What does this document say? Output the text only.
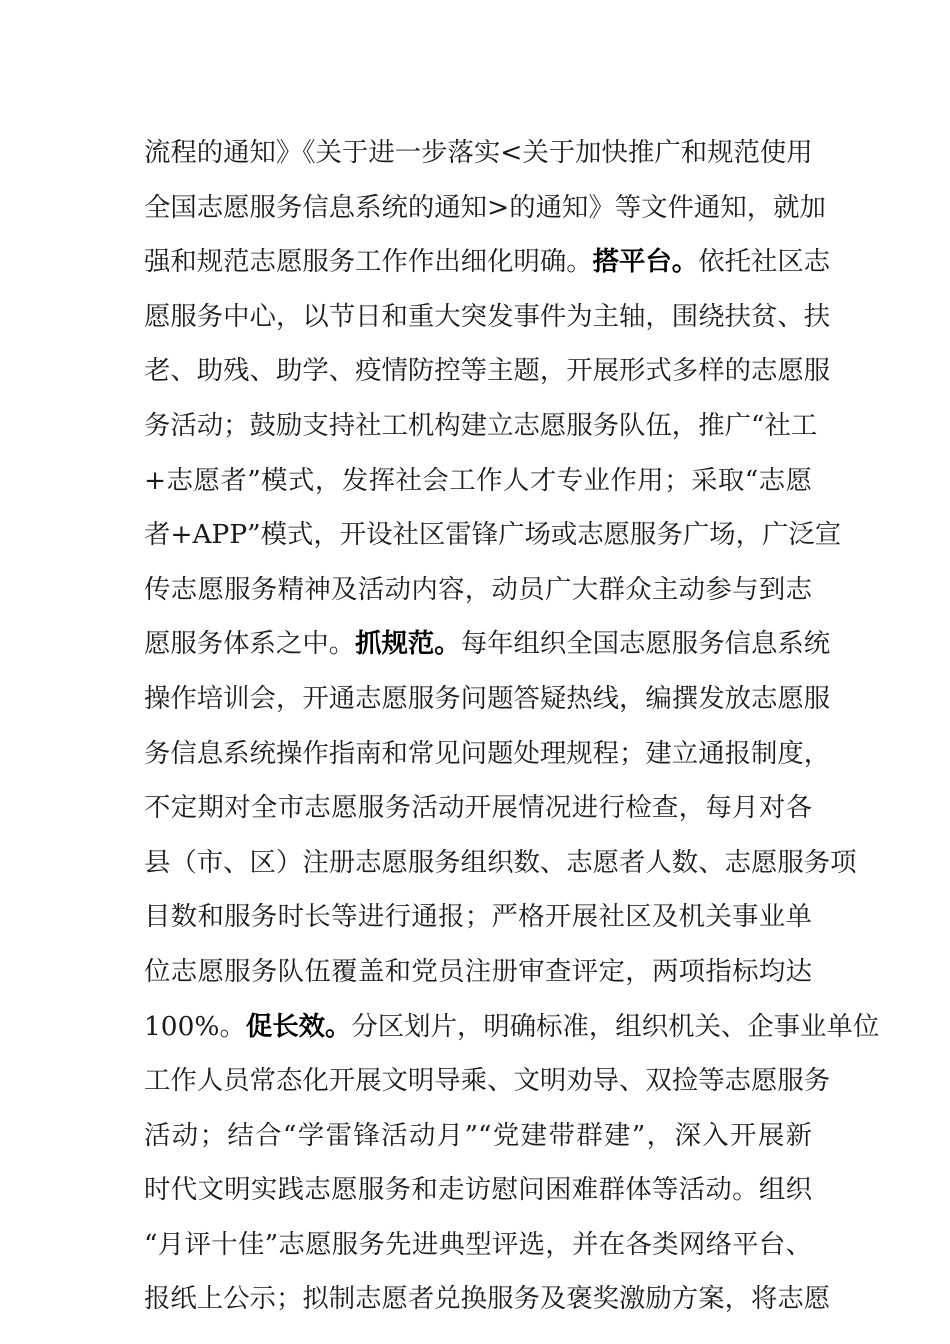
流程的通知》《关于进一步落实<关于加快推广和规范使用
全国志愿服务信息系统的通知>的通知》等文件通知，就加
强和规范志愿服务工作作出细化明确。搭平台。依托社区志
愿服务中心，以节日和重大突发事件为主轴，围绕扶贫、扶
老、助残、助学、疫情防控等主题，开展形式多样的志愿服
务活动；鼓励支持社工机构建立志愿服务队伍，推广“社工
+志愿者”模式，发挥社会工作人才专业作用；采取“志愿
者+APP”模式，开设社区雷锋广场或志愿服务广场，广泛宣
传志愿服务精神及活动内容，动员广大群众主动参与到志
愿服务体系之中。抓规范。每年组织全国志愿服务信息系统
操作培训会，开通志愿服务问题答疑热线，编撰发放志愿服
务信息系统操作指南和常见问题处理规程；建立通报制度，
不定期对全市志愿服务活动开展情况进行检查，每月对各
县（市、区）注册志愿服务组织数、志愿者人数、志愿服务项
目数和服务时长等进行通报；严格开展社区及机关事业单
位志愿服务队伍覆盖和党员注册审查评定，两项指标均达
100%。促长效。分区划片，明确标准，组织机关、企事业单位
工作人员常态化开展文明导乘、文明劝导、双捡等志愿服务
活动；结合“学雷锋活动月”“党建带群建”，深入开展新
时代文明实践志愿服务和走访慰问困难群体等活动。组织
“月评十佳”志愿服务先进典型评选，并在各类网络平台、
报纸上公示；拟制志愿者兑换服务及褒奖激励方案，将志愿
